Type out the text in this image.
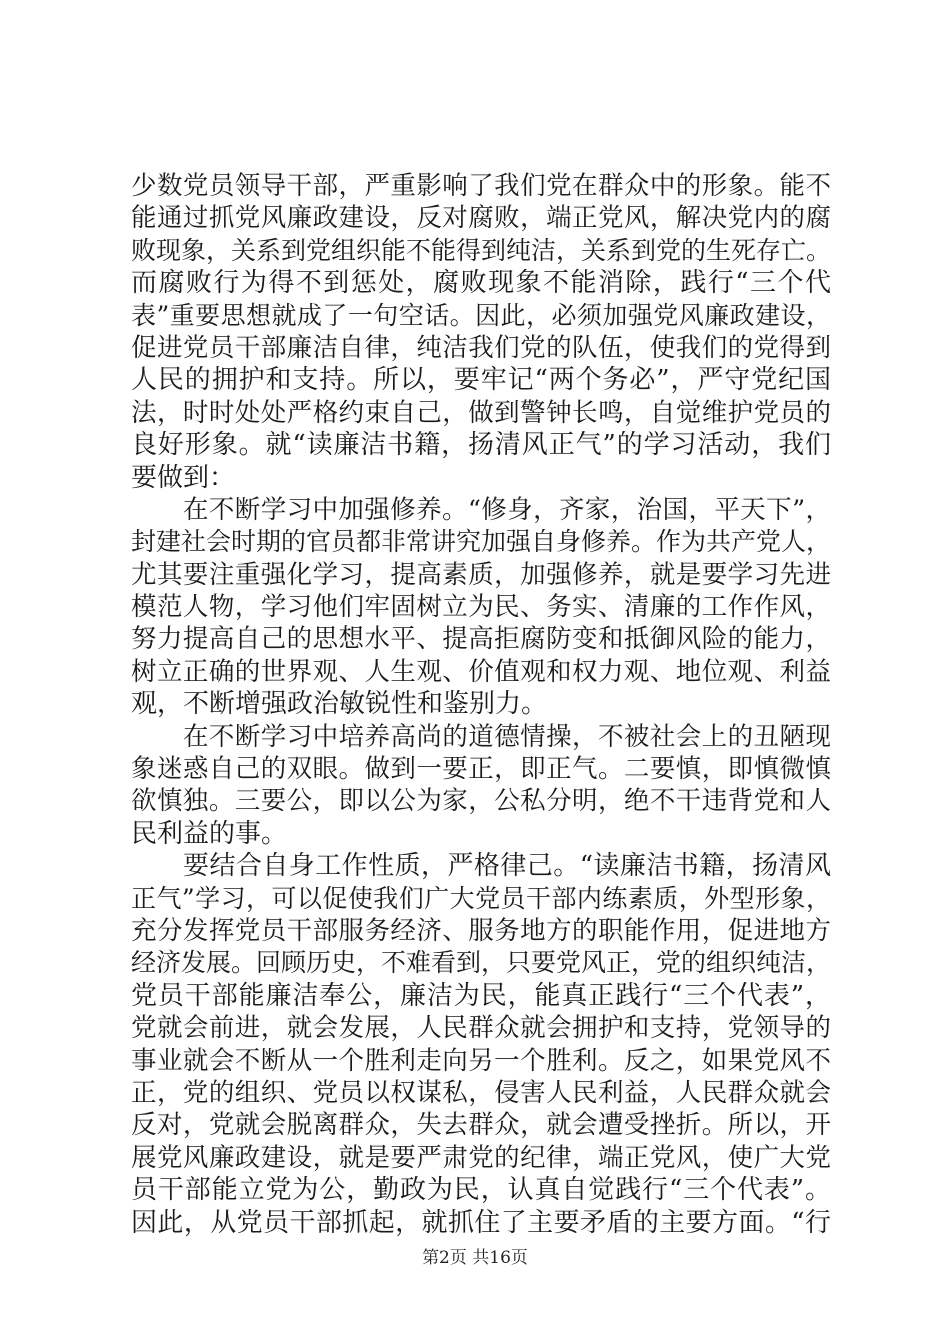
少数党员领导干部，严重影响了我们党在群众中的形象。能不
能通过抓党风廉政建设，反对腐败，端正党风，解决党内的腐
败现象，关系到党组织能不能得到纯洁，关系到党的生死存亡。
而腐败行为得不到惩处，腐败现象不能消除，践行“三个代
表”重要思想就成了一句空话。因此，必须加强党风廉政建设，
促进党员干部廉洁自律，纯洁我们党的队伍，使我们的党得到
人民的拥护和支持。所以，要牢记“两个务必”，严守党纪国
法，时时处处严格约束自己，做到警钟长鸣，自觉维护党员的
良好形象。就“读廉洁书籍，扬清风正气”的学习活动，我们
要做到：
在不断学习中加强修养。“修身，齐家，治国，平天下”，
封建社会时期的官员都非常讲究加强自身修养。作为共产党人，
尤其要注重强化学习，提高素质，加强修养，就是要学习先进
模范人物，学习他们牢固树立为民、务实、清廉的工作作风，
努力提高自己的思想水平、提高拒腐防变和抵御风险的能力，
树立正确的世界观、人生观、价值观和权力观、地位观、利益
观，不断增强政治敏锐性和鉴别力。
在不断学习中培养高尚的道德情操，不被社会上的丑陋现
象迷惑自己的双眼。做到一要正，即正气。二要慎，即慎微慎
欲慎独。三要公，即以公为家，公私分明，绝不干违背党和人
民利益的事。
要结合自身工作性质，严格律己。“读廉洁书籍，扬清风
正气”学习，可以促使我们广大党员干部内练素质，外型形象，
充分发挥党员干部服务经济、服务地方的职能作用，促进地方
经济发展。回顾历史，不难看到，只要党风正，党的组织纯洁，
党员干部能廉洁奉公，廉洁为民，能真正践行“三个代表”，
党就会前进，就会发展，人民群众就会拥护和支持，党领导的
事业就会不断从一个胜利走向另一个胜利。反之，如果党风不
正，党的组织、党员以权谋私，侵害人民利益，人民群众就会
反对，党就会脱离群众，失去群众，就会遭受挫折。所以，开
展党风廉政建设，就是要严肃党的纪律，端正党风，使广大党
员干部能立党为公，勤政为民，认真自觉践行“三个代表”。
因此，从党员干部抓起，就抓住了主要矛盾的主要方面。“行
第2页 共16页
